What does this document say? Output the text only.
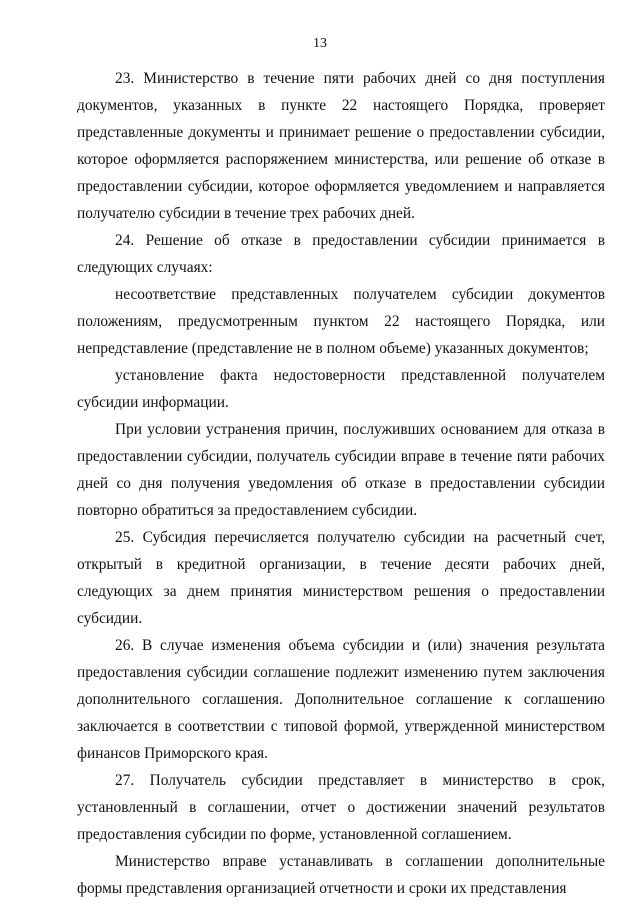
13

23. Министерство в течение пяти рабочих дней со дня поступления документов, указанных в пункте 22 настоящего Порядка, проверяет представленные документы и принимает решение о предоставлении субсидии, которое оформляется распоряжением министерства, или решение об отказе в предоставлении субсидии, которое оформляется уведомлением и направляется получателю субсидии в течение трех рабочих дней.

24. Решение об отказе в предоставлении субсидии принимается в следующих случаях:

несоответствие представленных получателем субсидии документов положениям, предусмотренным пунктом 22 настоящего Порядка, или непредставление (представление не в полном объеме) указанных документов;

установление факта недостоверности представленной получателем субсидии информации.

При условии устранения причин, послуживших основанием для отказа в предоставлении субсидии, получатель субсидии вправе в течение пяти рабочих дней со дня получения уведомления об отказе в предоставлении субсидии повторно обратиться за предоставлением субсидии.

25. Субсидия перечисляется получателю субсидии на расчетный счет, открытый в кредитной организации, в течение десяти рабочих дней, следующих за днем принятия министерством решения о предоставлении субсидии.

26. В случае изменения объема субсидии и (или) значения результата предоставления субсидии соглашение подлежит изменению путем заключения дополнительного соглашения. Дополнительное соглашение к соглашению заключается в соответствии с типовой формой, утвержденной министерством финансов Приморского края.

27. Получатель субсидии представляет в министерство в срок, установленный в соглашении, отчет о достижении значений результатов предоставления субсидии по форме, установленной соглашением.

Министерство вправе устанавливать в соглашении дополнительные формы представления организацией отчетности и сроки их представления
